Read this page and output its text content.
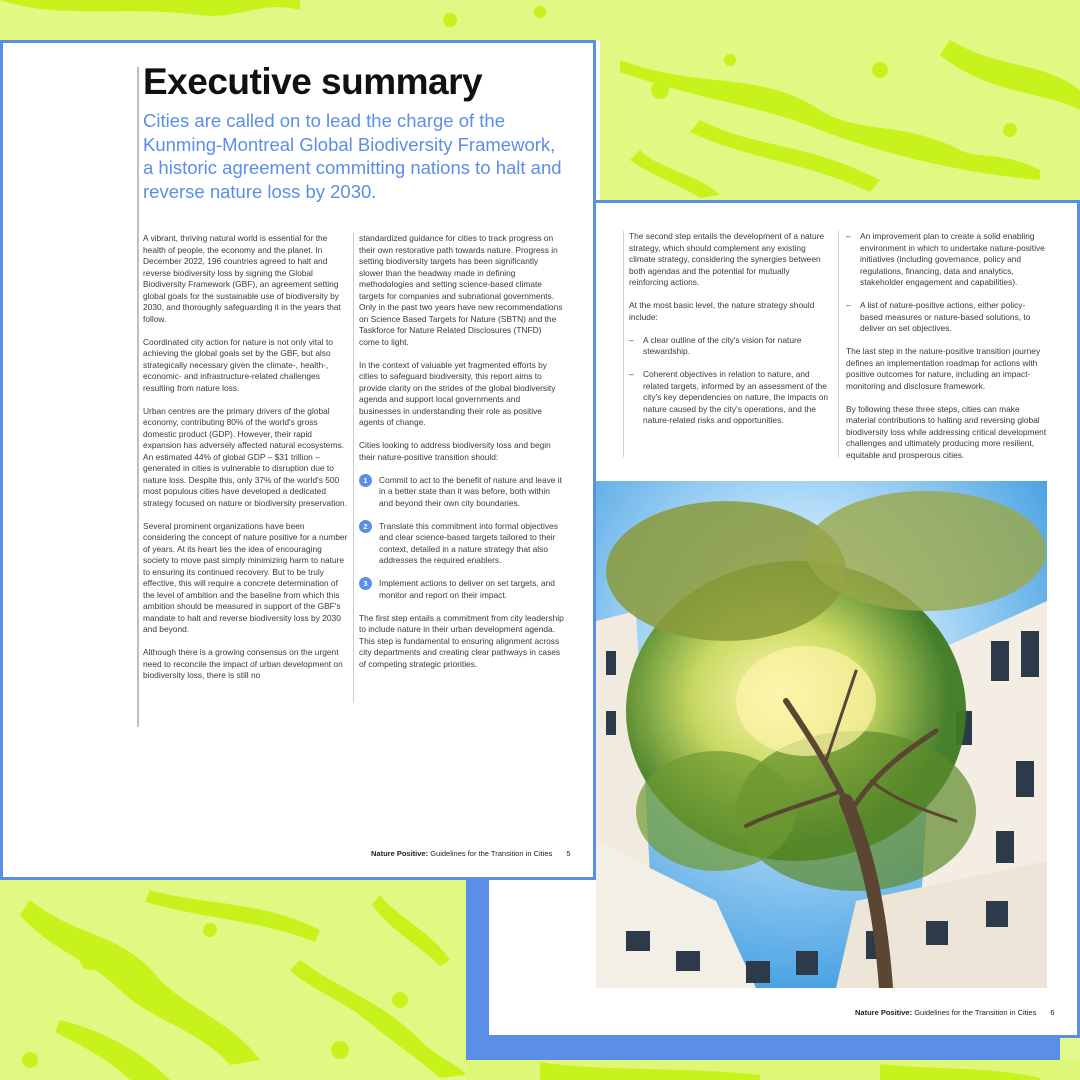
The second step entails the development of a nature strategy, which should complement any existing climate strategy, considering the synergies between both agendas and the potential for mutually reinforcing actions.

At the most basic level, the nature strategy should include:

– A clear outline of the city's vision for nature stewardship.
– Coherent objectives in relation to nature, and related targets, informed by an assessment of the city's key dependencies on nature, the impacts on nature caused by the city's operations, and the nature-related risks and opportunities.
– An improvement plan to create a solid enabling environment in which to undertake nature-positive initiatives (including governance, policy and regulations, financing, data and analytics, stakeholder engagement and capabilities).
– A list of nature-positive actions, either policy-based measures or nature-based solutions, to deliver on set objectives.

The last step in the nature-positive transition journey defines an implementation roadmap for actions with positive outcomes for nature, including an impact-monitoring and disclosure framework.

By following these three steps, cities can make material contributions to halting and reversing global biodiversity loss while addressing critical development challenges and ultimately producing more resilient, equitable and prosperous cities.

Nature Positive: Guidelines for the Transition in Cities 6
Executive summary
Cities are called on to lead the charge of the Kunming-Montreal Global Biodiversity Framework, a historic agreement committing nations to halt and reverse nature loss by 2030.

A vibrant, thriving natural world is essential for the health of people, the economy and the planet. In December 2022, 196 countries agreed to halt and reverse biodiversity loss by signing the Global Biodiversity Framework (GBF), an agreement setting global goals for the sustainable use of biodiversity by 2030, and thoroughly safeguarding it in the years that follow.

Coordinated city action for nature is not only vital to achieving the global goals set by the GBF, but also strategically necessary given the climate-, health-, economic- and infrastructure-related challenges resulting from nature loss.

Urban centres are the primary drivers of the global economy, contributing 80% of the world's gross domestic product (GDP). However, their rapid expansion has adversely affected natural ecosystems. An estimated 44% of global GDP – $31 trillion – generated in cities is vulnerable to disruption due to nature loss. Despite this, only 37% of the world's 500 most populous cities have developed a dedicated strategy focused on nature or biodiversity preservation.

Several prominent organizations have been considering the concept of nature positive for a number of years. At its heart lies the idea of encouraging society to move past simply minimizing harm to nature to ensuring its continued recovery. But to be truly effective, this will require a concrete determination of the level of ambition and the baseline from which this ambition should be measured in support of the GBF's mandate to halt and reverse biodiversity loss by 2030 and beyond.

Although there is a growing consensus on the urgent need to reconcile the impact of urban development on biodiversity loss, there is still no

standardized guidance for cities to track progress on their own restorative path towards nature. Progress in setting biodiversity targets has been significantly slower than the headway made in defining methodologies and setting science-based climate targets for companies and subnational governments. Only in the past two years have new recommendations on Science Based Targets for Nature (SBTN) and the Taskforce for Nature Related Disclosures (TNFD) come to light.

In the context of valuable yet fragmented efforts by cities to safeguard biodiversity, this report aims to provide clarity on the strides of the global biodiversity agenda and support local governments and businesses in understanding their role as positive agents of change.

Cities looking to address biodiversity loss and begin their nature-positive transition should:

1	Commit to act to the benefit of nature and leave it in a better state than it was before, both within and beyond their own city boundaries.
2	Translate this commitment into formal objectives and clear science-based targets tailored to their context, detailed in a nature strategy that also addresses the required enablers.
3	Implement actions to deliver on set targets, and monitor and report on their impact.

The first step entails a commitment from city leadership to include nature in their urban development agenda. This step is fundamental to ensuring alignment across city departments and creating clear pathways in cases of competing strategic priorities.

Nature Positive: Guidelines for the Transition in Cities 5
